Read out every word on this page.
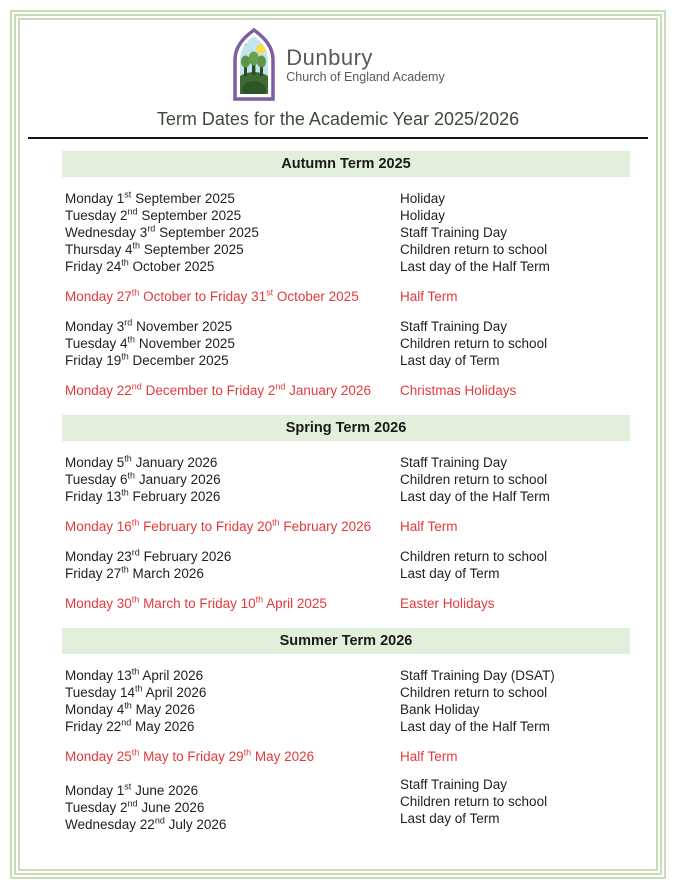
Dunbury
Church of England Academy
Term Dates for the Academic Year 2025/2026
Autumn Term 2025
Monday 1st September 2025	Holiday
Tuesday 2nd September 2025	Holiday
Wednesday 3rd September 2025	Staff Training Day
Thursday 4th September 2025	Children return to school
Friday 24th October 2025	Last day of the Half Term
Monday 27th October to Friday 31st October 2025	Half Term
Monday 3rd November 2025	Staff Training Day
Tuesday 4th November 2025	Children return to school
Friday 19th December 2025	Last day of Term
Monday 22nd December to Friday 2nd January 2026	Christmas Holidays
Spring Term 2026
Monday 5th January 2026	Staff Training Day
Tuesday 6th January 2026	Children return to school
Friday 13th February 2026	Last day of the Half Term
Monday 16th February to Friday 20th February 2026	Half Term
Monday 23rd February 2026	Children return to school
Friday 27th March 2026	Last day of Term
Monday 30th March to Friday 10th April 2025	Easter Holidays
Summer Term 2026
Monday 13th April 2026	Staff Training Day (DSAT)
Tuesday 14th April 2026	Children return to school
Monday 4th May 2026	Bank Holiday
Friday 22nd May 2026	Last day of the Half Term
Monday 25th May to Friday 29th May 2026	Half Term
Monday 1st June 2026	Staff Training Day
Tuesday 2nd June 2026	Children return to school
Wednesday 22nd July 2026	Last day of Term
